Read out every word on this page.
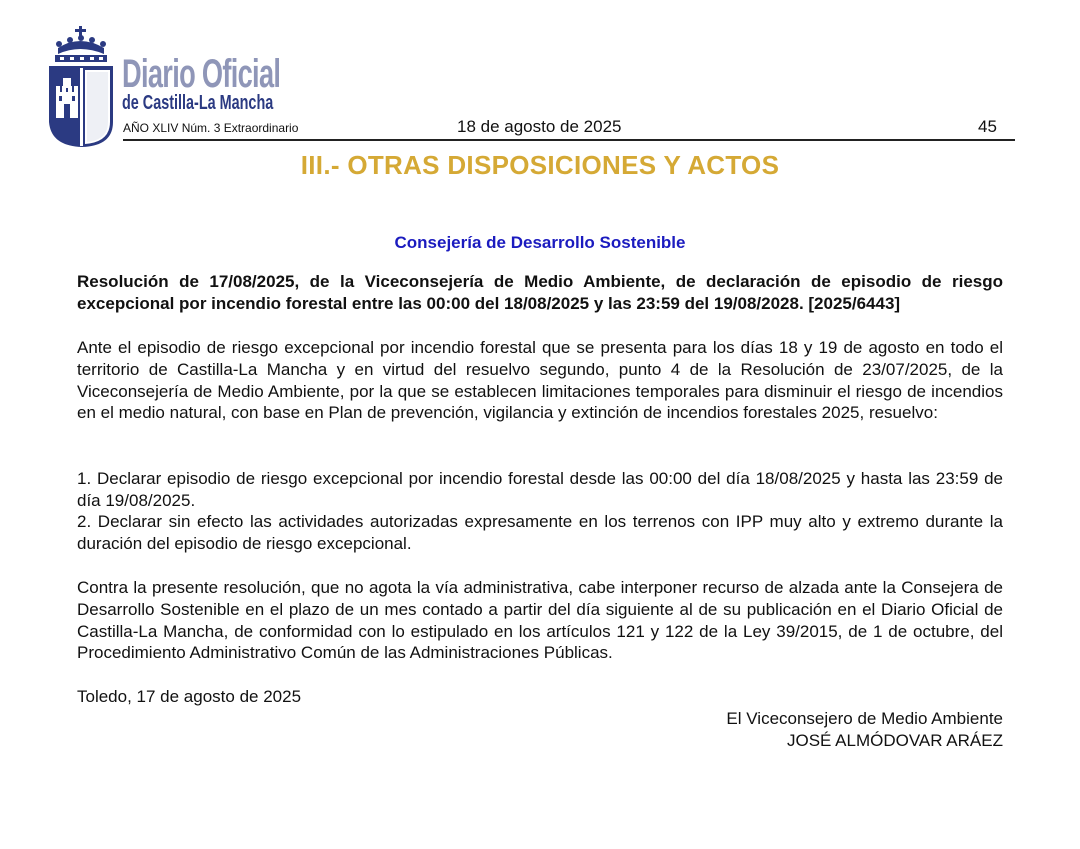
Diario Oficial
de Castilla-La Mancha
AÑO XLIV Núm. 3 Extraordinario	18 de agosto de 2025	45
III.- OTRAS DISPOSICIONES Y ACTOS
Consejería de Desarrollo Sostenible
Resolución de 17/08/2025, de la Viceconsejería de Medio Ambiente, de declaración de episodio de riesgo excepcional por incendio forestal entre las 00:00 del 18/08/2025 y las 23:59 del 19/08/2028. [2025/6443]
Ante el episodio de riesgo excepcional por incendio forestal que se presenta para los días 18 y 19 de agosto en todo el territorio de Castilla-La Mancha y en virtud del resuelvo segundo, punto 4 de la Resolución de 23/07/2025, de la Viceconsejería de Medio Ambiente, por la que se establecen limitaciones temporales para disminuir el riesgo de incendios en el medio natural, con base en Plan de prevención, vigilancia y extinción de incendios forestales 2025, resuelvo:
1. Declarar episodio de riesgo excepcional por incendio forestal desde las 00:00 del día 18/08/2025 y hasta las 23:59 de día 19/08/2025.
2. Declarar sin efecto las actividades autorizadas expresamente en los terrenos con IPP muy alto y extremo durante la duración del episodio de riesgo excepcional.
Contra la presente resolución, que no agota la vía administrativa, cabe interponer recurso de alzada ante la Consejera de Desarrollo Sostenible en el plazo de un mes contado a partir del día siguiente al de su publicación en el Diario Oficial de Castilla-La Mancha, de conformidad con lo estipulado en los artículos 121 y 122 de la Ley 39/2015, de 1 de octubre, del Procedimiento Administrativo Común de las Administraciones Públicas.
Toledo, 17 de agosto de 2025
El Viceconsejero de Medio Ambiente
JOSÉ ALMÓDOVAR ARÁEZ
